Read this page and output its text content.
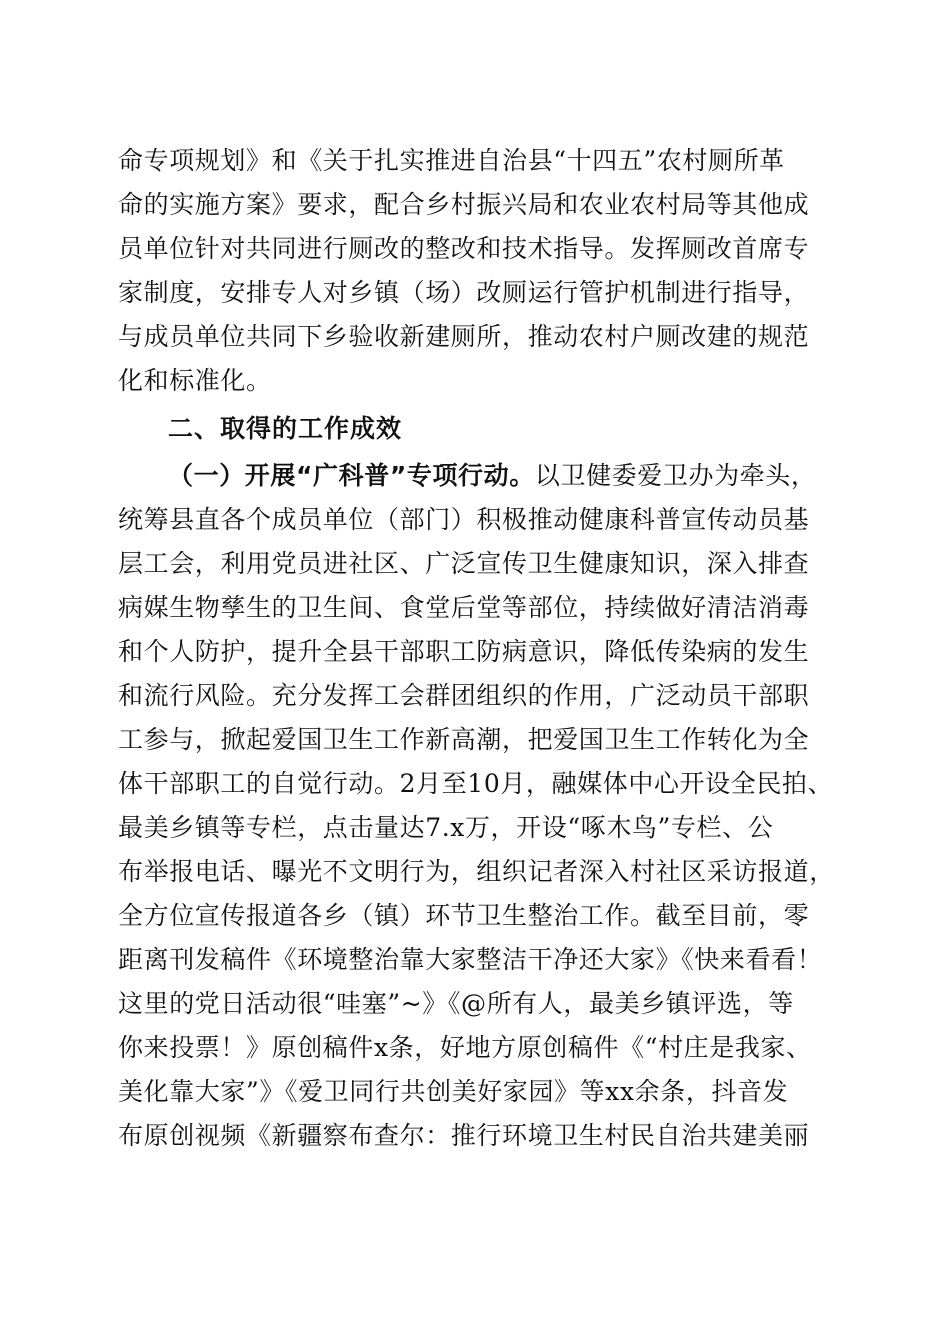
命专项规划》和《关于扎实推进自治县“十四五”农村厕所革
命的实施方案》要求，配合乡村振兴局和农业农村局等其他成
员单位针对共同进行厕改的整改和技术指导。发挥厕改首席专
家制度，安排专人对乡镇（场）改厕运行管护机制进行指导，
与成员单位共同下乡验收新建厕所，推动农村户厕改建的规范
化和标准化。
二、取得的工作成效
（一）开展“广科普”专项行动。以卫健委爱卫办为牵头，
统筹县直各个成员单位（部门）积极推动健康科普宣传动员基
层工会，利用党员进社区、广泛宣传卫生健康知识，深入排查
病媒生物孳生的卫生间、食堂后堂等部位，持续做好清洁消毒
和个人防护，提升全县干部职工防病意识，降低传染病的发生
和流行风险。充分发挥工会群团组织的作用，广泛动员干部职
工参与，掀起爱国卫生工作新高潮，把爱国卫生工作转化为全
体干部职工的自觉行动。2月至10月，融媒体中心开设全民拍、
最美乡镇等专栏，点击量达7.x万，开设“啄木鸟”专栏、公
布举报电话、曝光不文明行为，组织记者深入村社区采访报道，
全方位宣传报道各乡（镇）环节卫生整治工作。截至目前，零
距离刊发稿件《环境整治靠大家整洁干净还大家》《快来看看！
这里的党日活动很“哇塞”~》《@所有人，最美乡镇评选，等
你来投票！》原创稿件x条，好地方原创稿件《“村庄是我家、
美化靠大家”》《爱卫同行共创美好家园》等xx余条，抖音发
布原创视频《新疆察布查尔：推行环境卫生村民自治共建美丽
